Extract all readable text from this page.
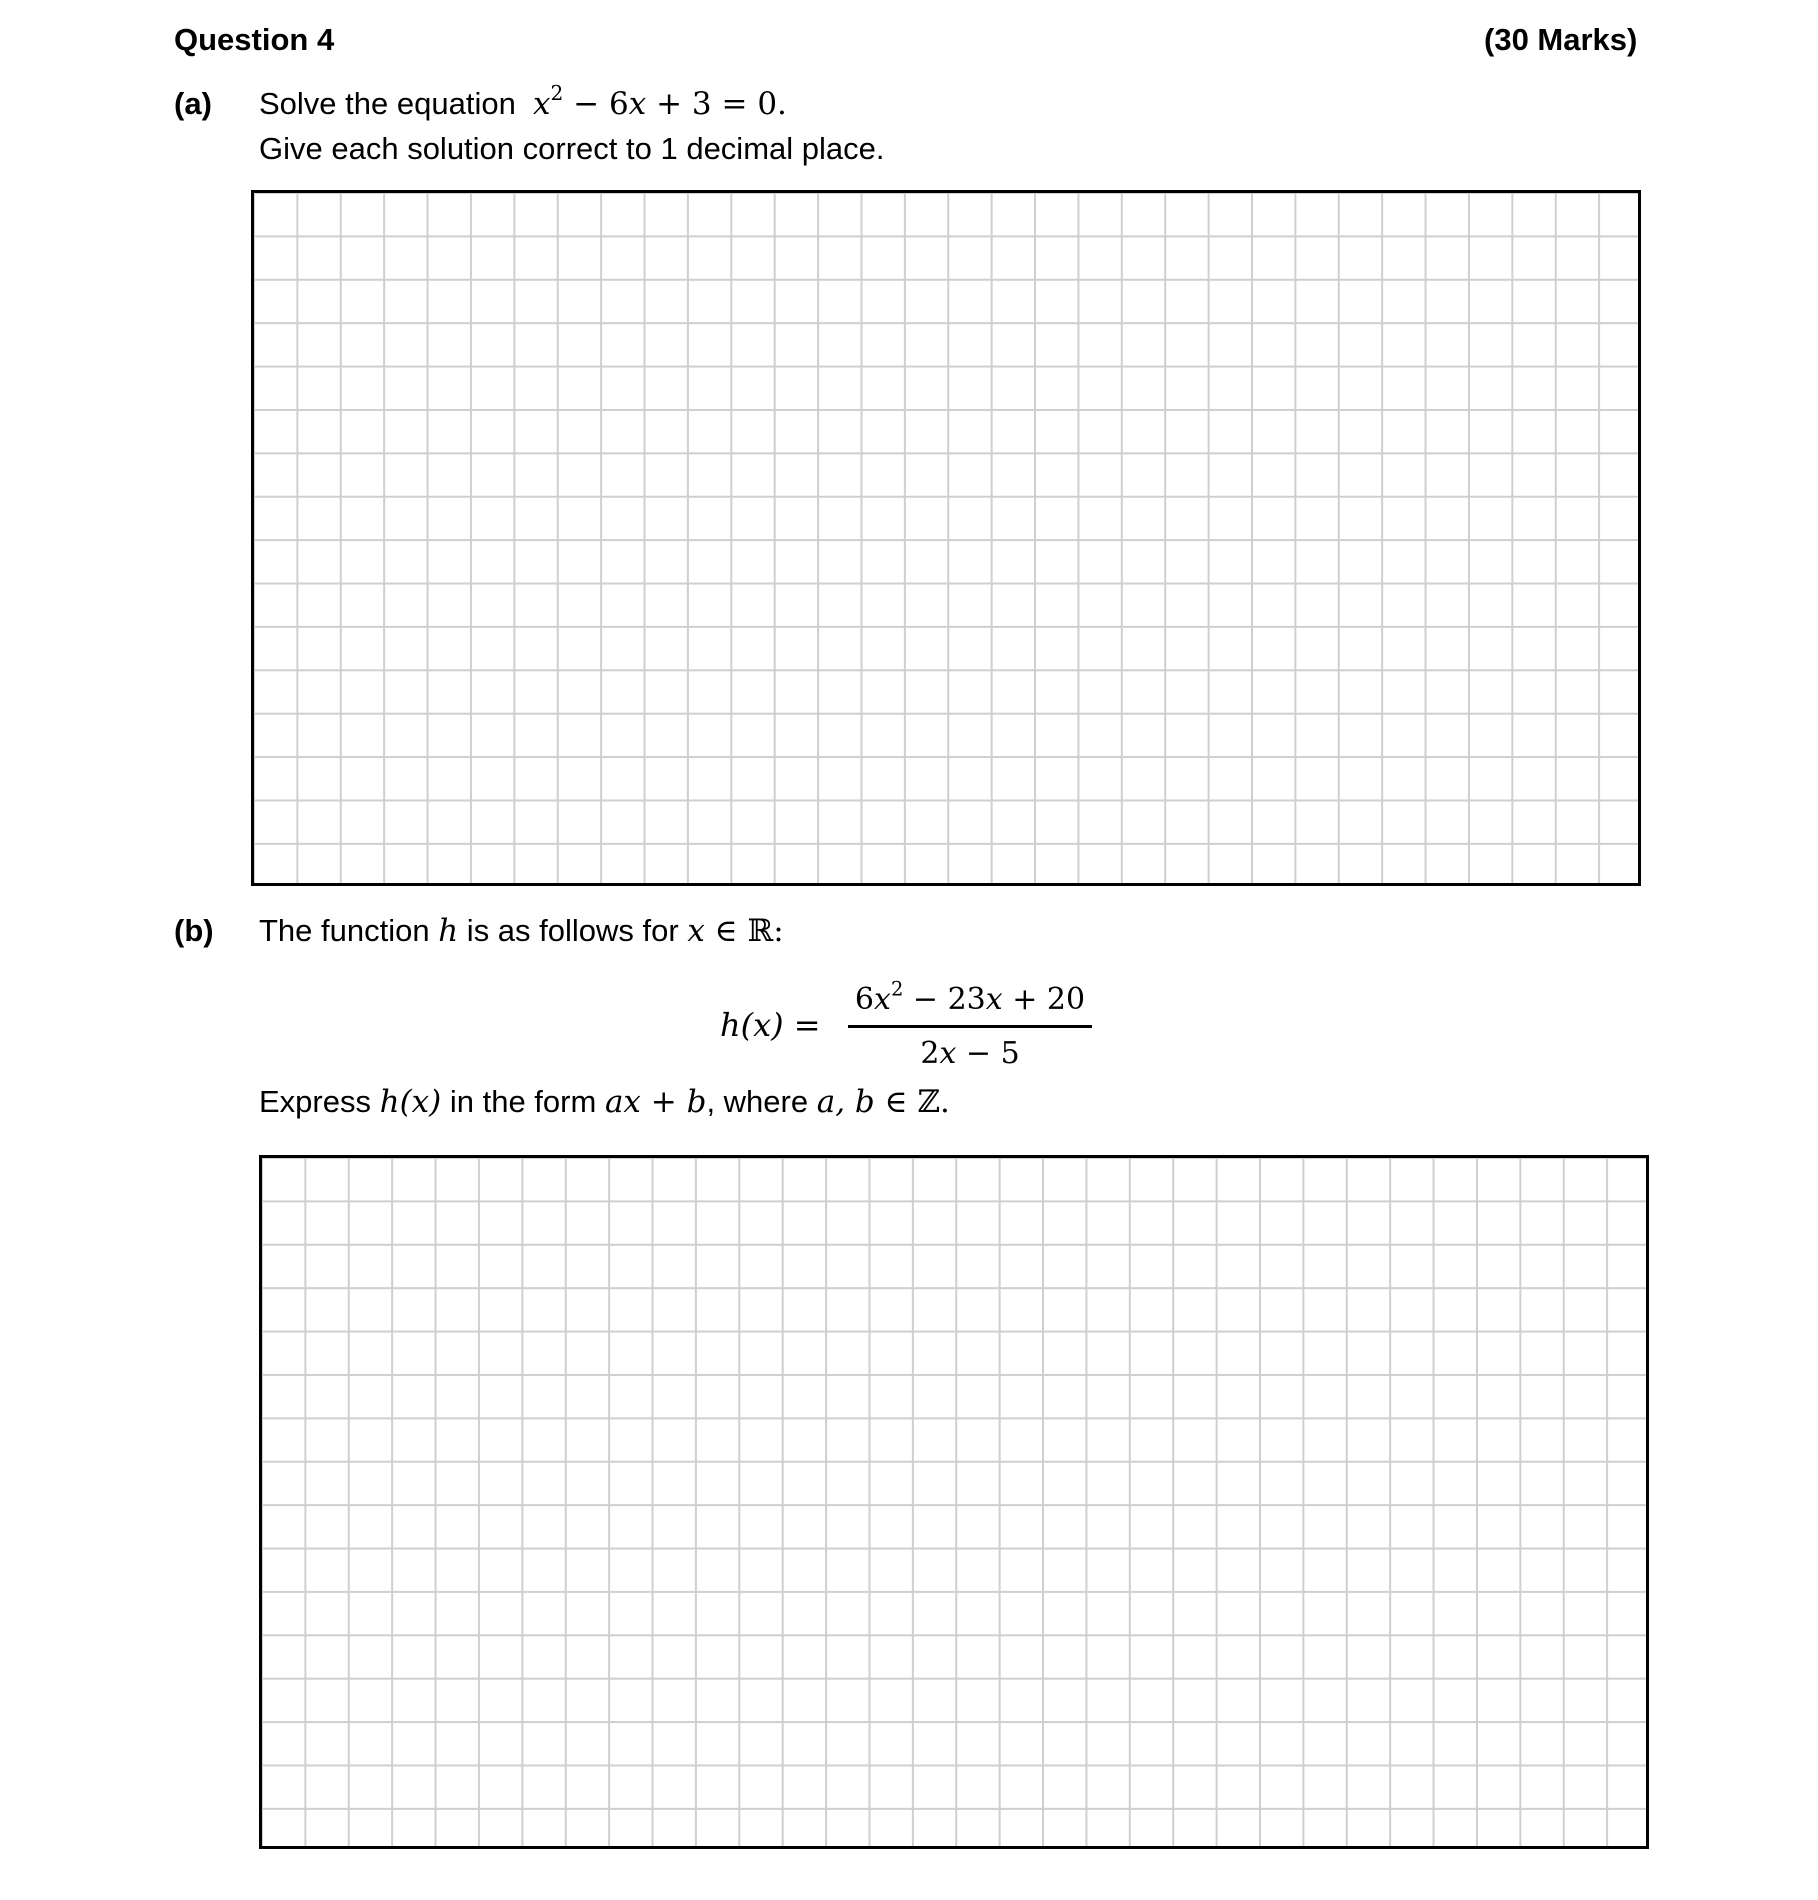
Question 4	(30 Marks)
(a) Solve the equation $x^2 - 6x + 3 = 0$.
Give each solution correct to 1 decimal place.
(b) The function h is as follows for x ∈ ℝ:
$h(x) = \frac{6x^2 - 23x + 20}{2x - 5}$
Express h(x) in the form ax + b, where a, b ∈ ℤ.
